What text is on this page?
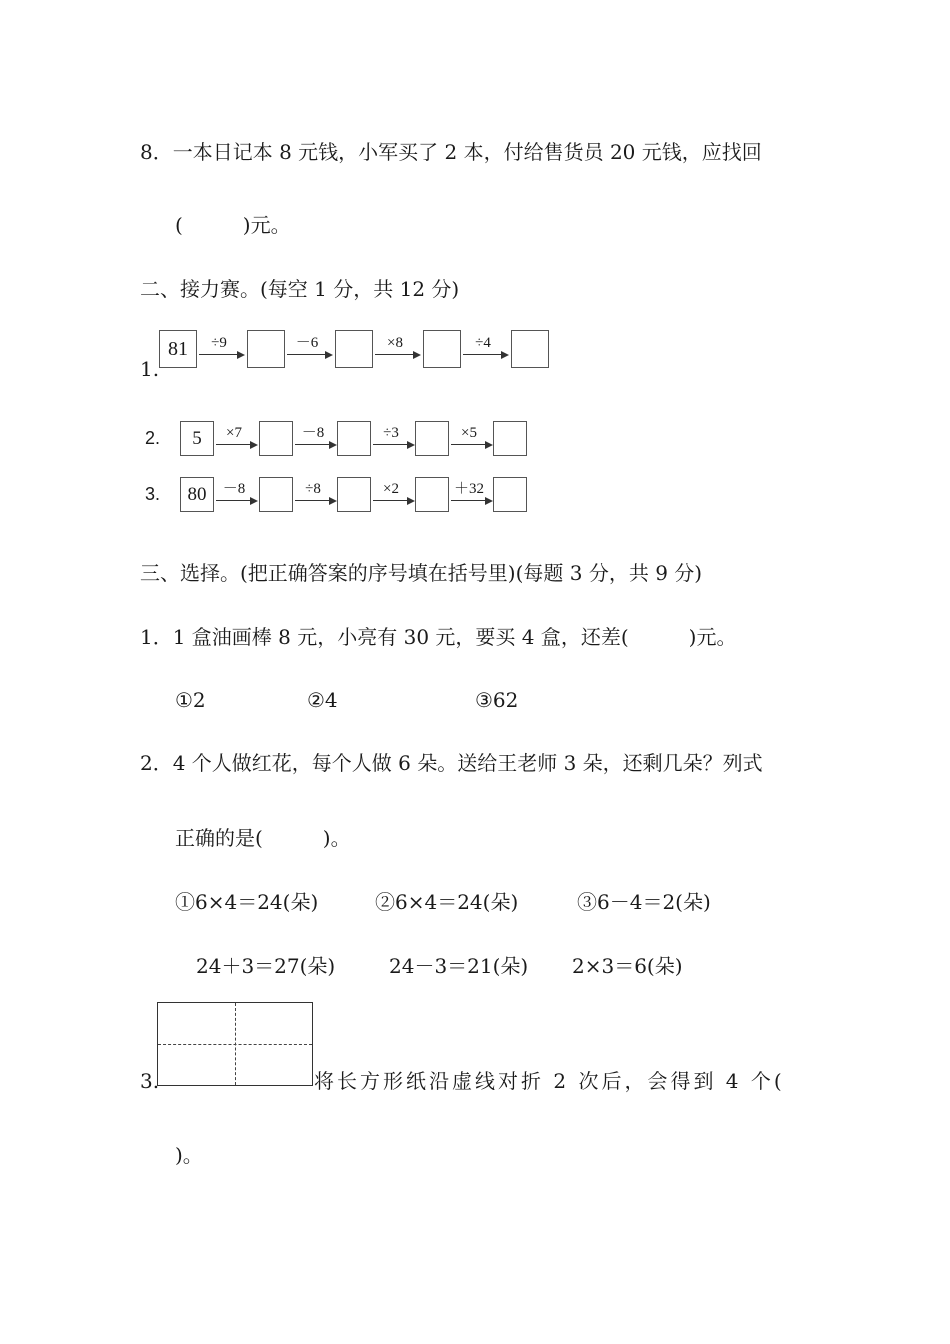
8．一本日记本 8 元钱，小军买了 2 本，付给售货员 20 元钱，应找回
(　　　)元。
二、接力赛。(每空 1 分，共 12 分)
1.
81	÷9	－6	×8	÷4
2.	5	×7	－8	÷3	×5
3.	80	－8	÷8	×2	＋32
三、选择。(把正确答案的序号填在括号里)(每题 3 分，共 9 分)
1．1 盒油画棒 8 元，小亮有 30 元，要买 4 盒，还差(　　　)元。
①2	②4	③62
2．4 个人做红花，每个人做 6 朵。送给王老师 3 朵，还剩几朵？列式
正确的是(　　　)。
①6×4＝24(朵)	②6×4＝24(朵)	③6－4＝2(朵)
24＋3＝27(朵)	24－3＝21(朵) 2×3＝6(朵)
3.	将长方形纸沿虚线对折 2 次后，会得到 4 个(
)。
